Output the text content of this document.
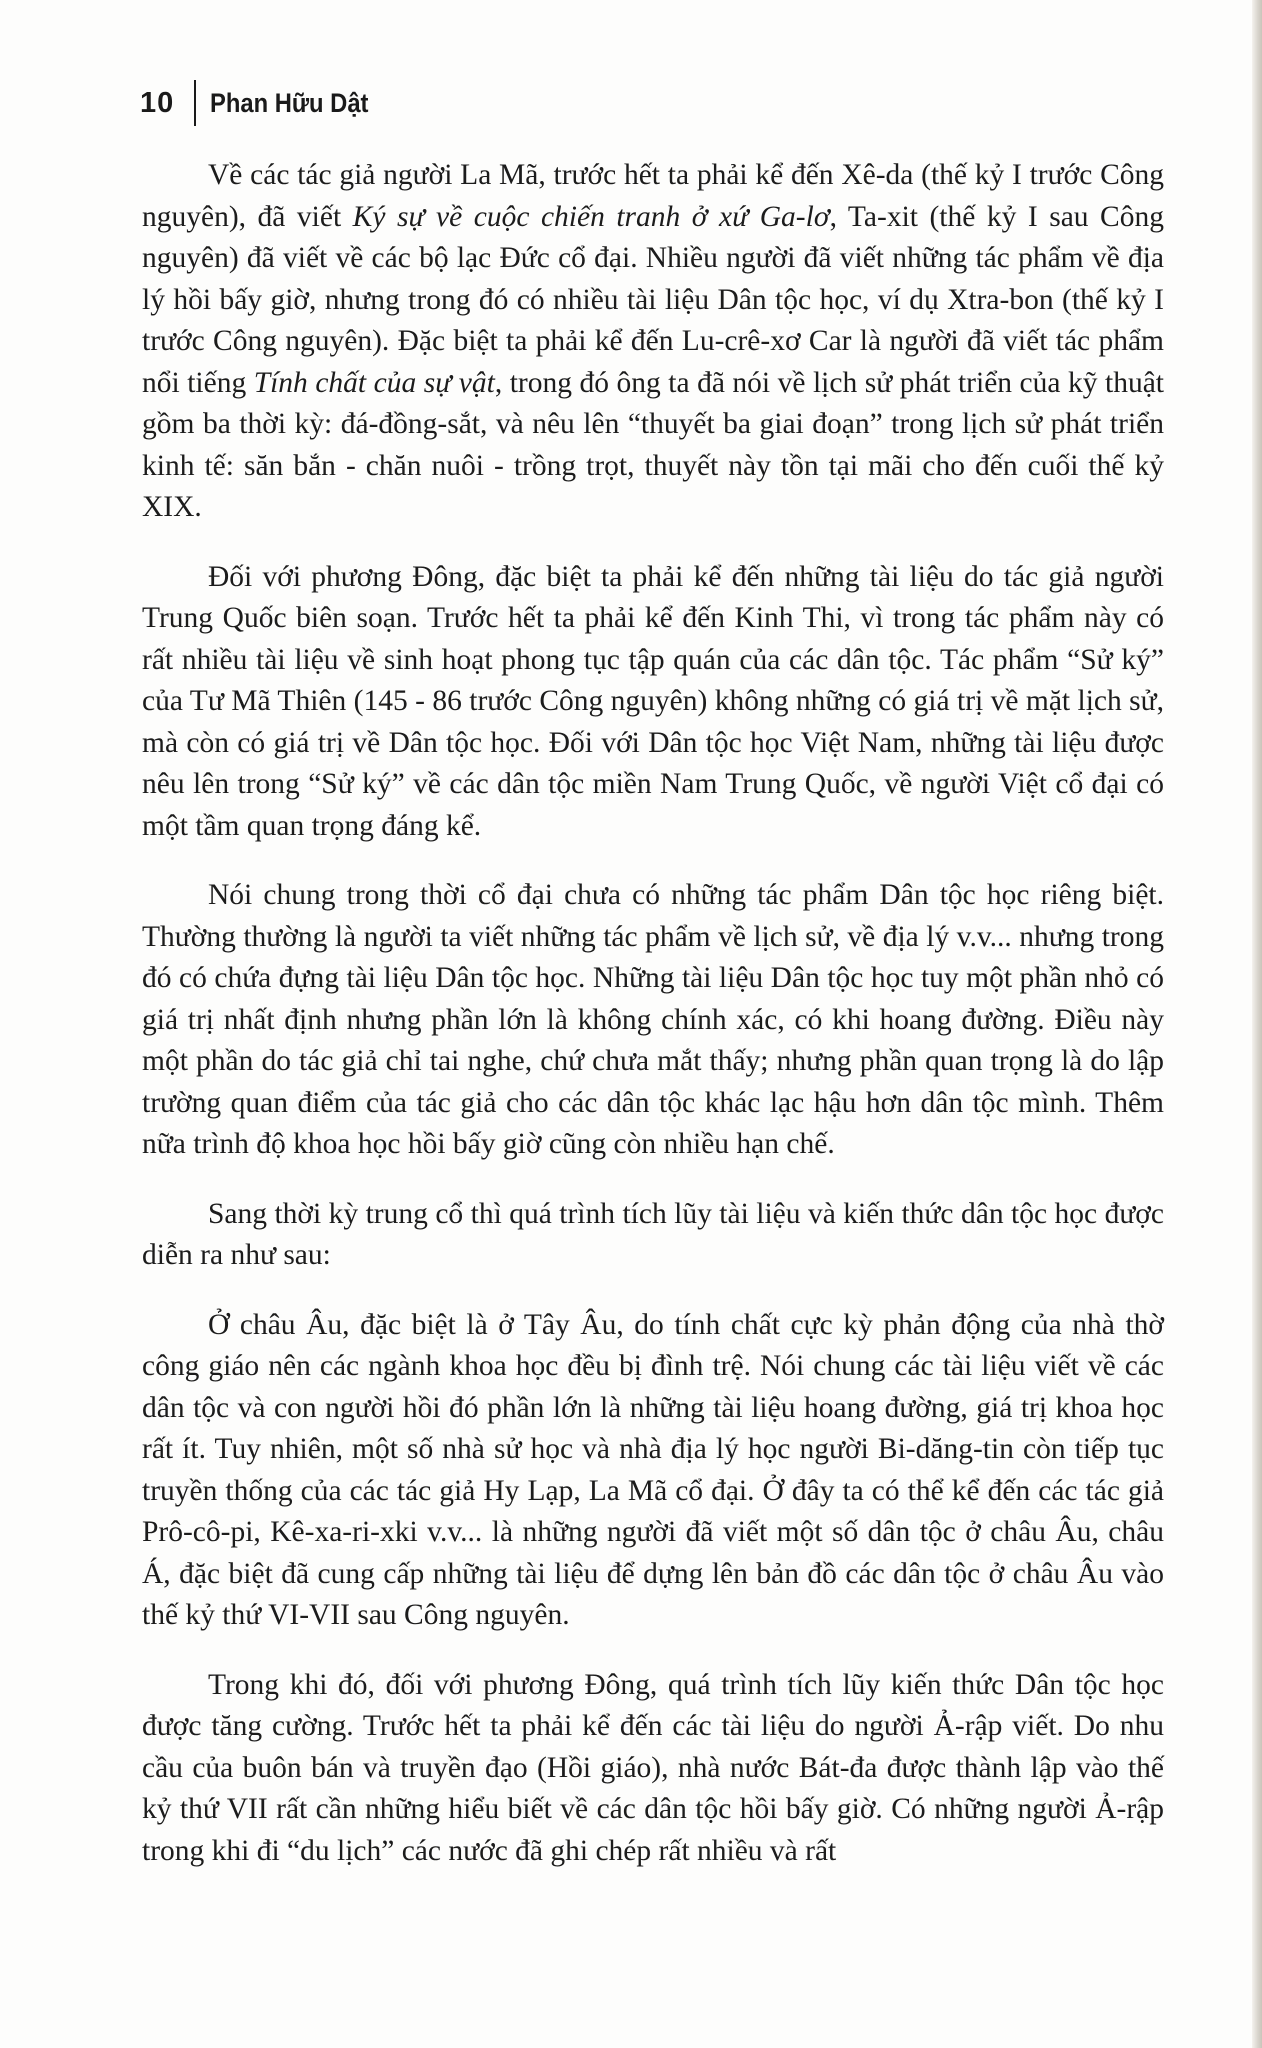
10 Phan Hữu Dật

Về các tác giả người La Mã, trước hết ta phải kể đến Xê-da (thế kỷ I trước Công nguyên), đã viết Ký sự về cuộc chiến tranh ở xứ Ga-lơ, Ta-xit (thế kỷ I sau Công nguyên) đã viết về các bộ lạc Đức cổ đại. Nhiều người đã viết những tác phẩm về địa lý hồi bấy giờ, nhưng trong đó có nhiều tài liệu Dân tộc học, ví dụ Xtra-bon (thế kỷ I trước Công nguyên). Đặc biệt ta phải kể đến Lu-crê-xơ Car là người đã viết tác phẩm nổi tiếng Tính chất của sự vật, trong đó ông ta đã nói về lịch sử phát triển của kỹ thuật gồm ba thời kỳ: đá-đồng-sắt, và nêu lên “thuyết ba giai đoạn” trong lịch sử phát triển kinh tế: săn bắn - chăn nuôi - trồng trọt, thuyết này tồn tại mãi cho đến cuối thế kỷ XIX.

Đối với phương Đông, đặc biệt ta phải kể đến những tài liệu do tác giả người Trung Quốc biên soạn. Trước hết ta phải kể đến Kinh Thi, vì trong tác phẩm này có rất nhiều tài liệu về sinh hoạt phong tục tập quán của các dân tộc. Tác phẩm “Sử ký” của Tư Mã Thiên (145 - 86 trước Công nguyên) không những có giá trị về mặt lịch sử, mà còn có giá trị về Dân tộc học. Đối với Dân tộc học Việt Nam, những tài liệu được nêu lên trong “Sử ký” về các dân tộc miền Nam Trung Quốc, về người Việt cổ đại có một tầm quan trọng đáng kể.

Nói chung trong thời cổ đại chưa có những tác phẩm Dân tộc học riêng biệt. Thường thường là người ta viết những tác phẩm về lịch sử, về địa lý v.v... nhưng trong đó có chứa đựng tài liệu Dân tộc học. Những tài liệu Dân tộc học tuy một phần nhỏ có giá trị nhất định nhưng phần lớn là không chính xác, có khi hoang đường. Điều này một phần do tác giả chỉ tai nghe, chứ chưa mắt thấy; nhưng phần quan trọng là do lập trường quan điểm của tác giả cho các dân tộc khác lạc hậu hơn dân tộc mình. Thêm nữa trình độ khoa học hồi bấy giờ cũng còn nhiều hạn chế.

Sang thời kỳ trung cổ thì quá trình tích lũy tài liệu và kiến thức dân tộc học được diễn ra như sau:

Ở châu Âu, đặc biệt là ở Tây Âu, do tính chất cực kỳ phản động của nhà thờ công giáo nên các ngành khoa học đều bị đình trệ. Nói chung các tài liệu viết về các dân tộc và con người hồi đó phần lớn là những tài liệu hoang đường, giá trị khoa học rất ít. Tuy nhiên, một số nhà sử học và nhà địa lý học người Bi-dăng-tin còn tiếp tục truyền thống của các tác giả Hy Lạp, La Mã cổ đại. Ở đây ta có thể kể đến các tác giả Prô-cô-pi, Kê-xa-ri-xki v.v... là những người đã viết một số dân tộc ở châu Âu, châu Á, đặc biệt đã cung cấp những tài liệu để dựng lên bản đồ các dân tộc ở châu Âu vào thế kỷ thứ VI-VII sau Công nguyên.

Trong khi đó, đối với phương Đông, quá trình tích lũy kiến thức Dân tộc học được tăng cường. Trước hết ta phải kể đến các tài liệu do người Ả-rập viết. Do nhu cầu của buôn bán và truyền đạo (Hồi giáo), nhà nước Bát-đa được thành lập vào thế kỷ thứ VII rất cần những hiểu biết về các dân tộc hồi bấy giờ. Có những người Ả-rập trong khi đi “du lịch” các nước đã ghi chép rất nhiều và rất
